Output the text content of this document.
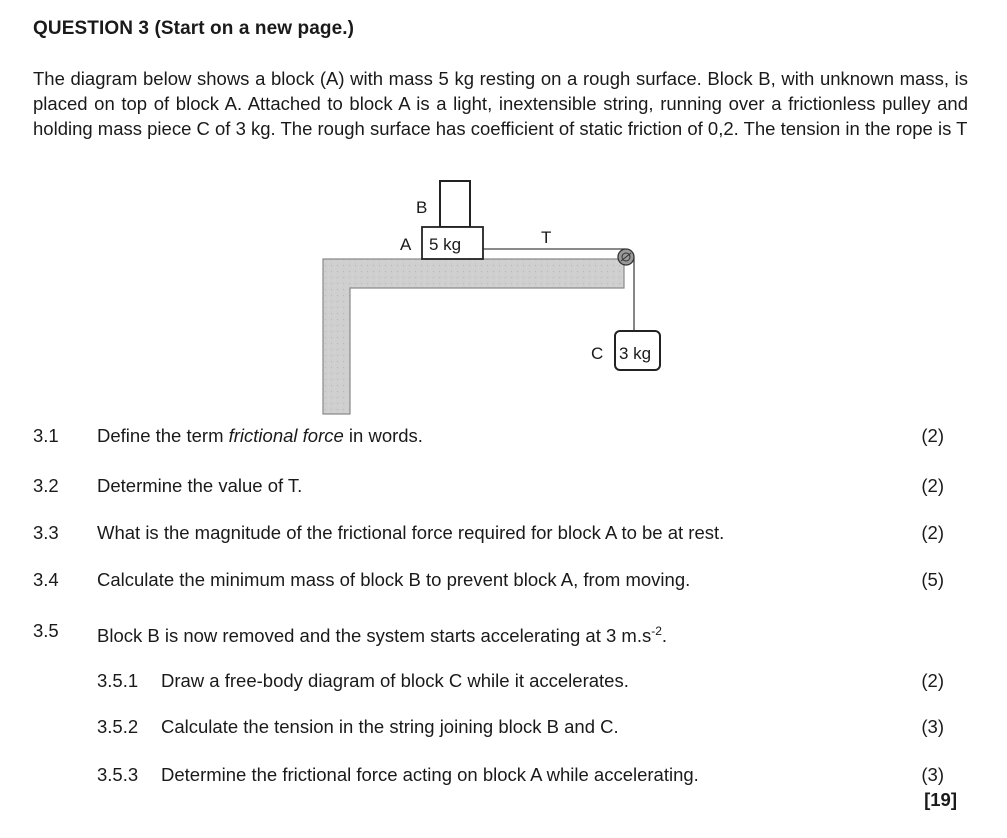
QUESTION 3 (Start on a new page.)

The diagram below shows a block (A) with mass 5 kg resting on a rough surface. Block B, with unknown mass, is placed on top of block A. Attached to block A is a light, inextensible string, running over a frictionless pulley and holding mass piece C of 3 kg. The rough surface has coefficient of static friction of 0,2. The tension in the rope is T

B
A 5 kg	T
C 3 kg
3.1 Define the term frictional force in words.	(2)
3.2 Determine the value of T.	(2)
3.3 What is the magnitude of the frictional force required for block A to be at rest.	(2)
3.4 Calculate the minimum mass of block B to prevent block A, from moving.	(5)
3.5 Block B is now removed and the system starts accelerating at 3 $m.s^{-2}$.
3.5.1 Draw a free-body diagram of block C while it accelerates.	(2)
3.5.2 Calculate the tension in the string joining block B and C.	(3)
3.5.3 Determine the frictional force acting on block A while accelerating.	(3)
[19]
